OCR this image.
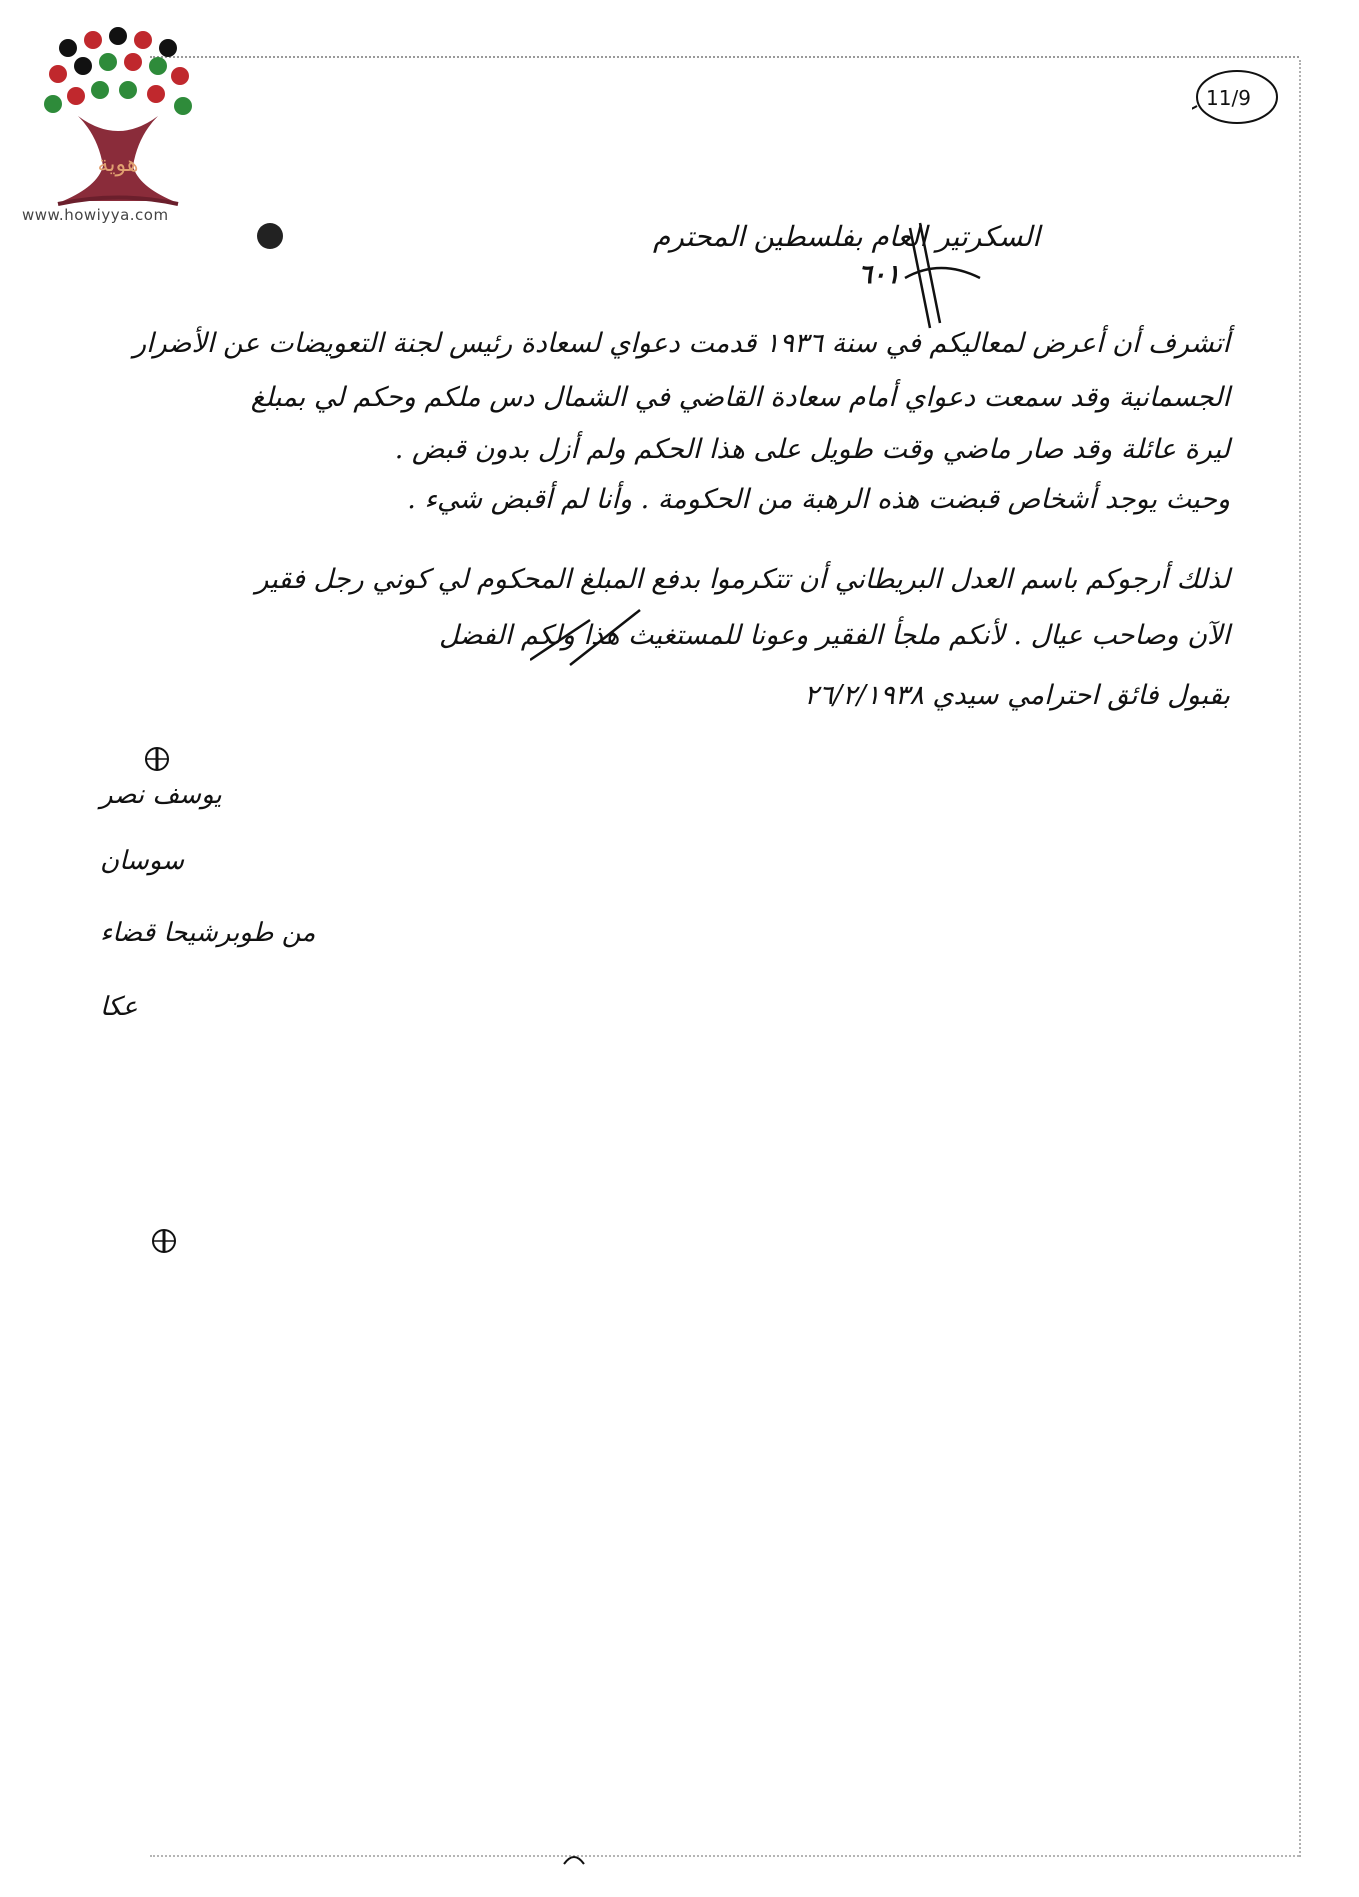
هوية
www.howiyya.com
11/9
السكرتير العام بفلسطين المحترم
٦٠١
أتشرف أن أعرض لمعاليكم في سنة ١٩٣٦ قدمت دعواي لسعادة رئيس لجنة التعويضات عن الأضرار
الجسمانية وقد سمعت دعواي أمام سعادة القاضي في الشمال دس ملكم وحكم لي بمبلغ
ليرة عائلة وقد صار ماضي وقت طويل على هذا الحكم ولم أزل بدون قبض .
وحيث يوجد أشخاص قبضت هذه الرهبة من الحكومة . وأنا لم أقبض شيء .
لذلك أرجوكم باسم العدل البريطاني أن تتكرموا بدفع المبلغ المحكوم لي كوني رجل فقير
الآن وصاحب عيال . لأنكم ملجأ الفقير وعونا للمستغيث هذا ولكم الفضل
بقبول فائق احترامي سيدي ٢٦/٢/١٩٣٨
يوسف نصر
سوسان
من طوبرشيحا قضاء
عكا
